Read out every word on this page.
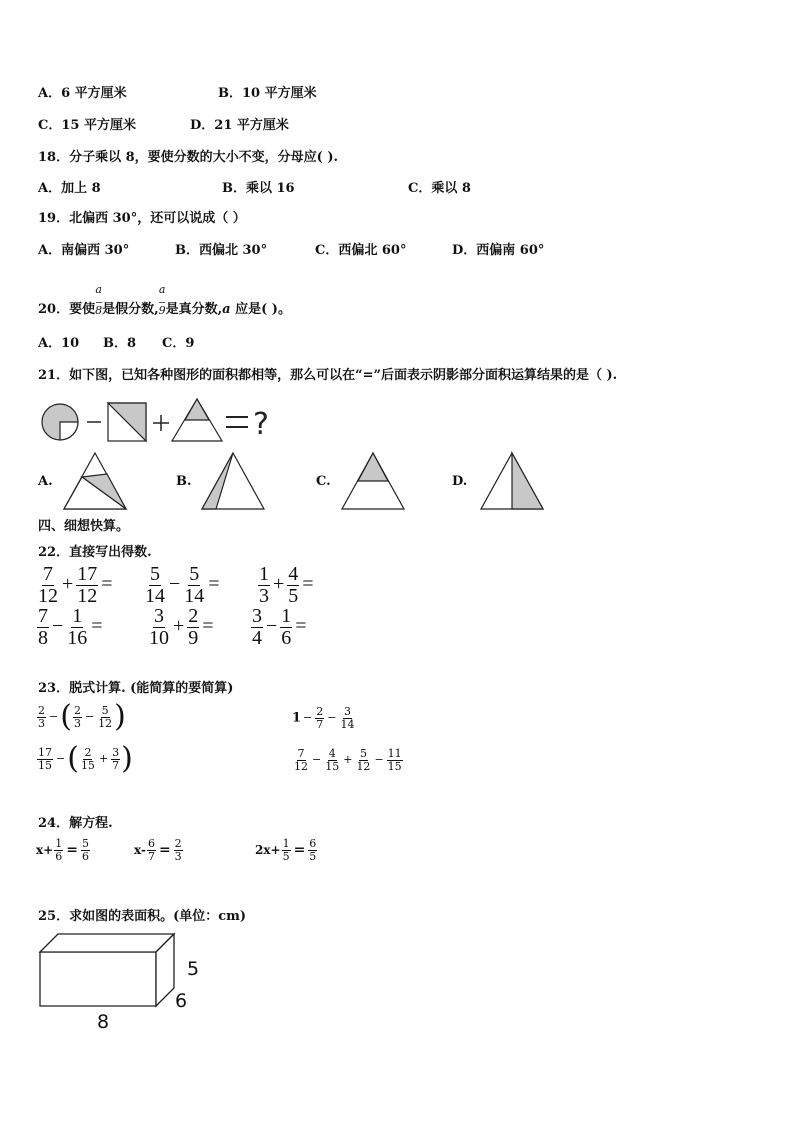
A．6 平方厘米	B．10 平方厘米
C．15 平方厘米	D．21 平方厘米
18．分子乘以 8，要使分数的大小不变，分母应( ).
A．加上 8	B．乘以 16	C．乘以 8
19．北偏西 30°，还可以说成（ ）
A．南偏西 30°	B．西偏北 30°	C．西偏北 60°	D．西偏南 60°
20．要使 $\frac{a}{8}$ 是假分数, $\frac{a}{9}$ 是真分数,a 应是( )。
A．10 B．8 C．9
21．如下图，已知各种图形的面积都相等，那么可以在“=”后面表示阴影部分面积运算结果的是（ ).
?
A.	B.	C.	D.
四、细想快算。
22．直接写出得数.
$\frac{7}{12} + \frac{17}{12} = \frac{5}{14} - \frac{5}{14} = \frac{1}{3} + \frac{4}{5}$ =
$\frac{7}{8} - \frac{1}{16} = \frac{3}{10} + \frac{2}{9} = \frac{3}{4} - \frac{1}{6}$ =
23．脱式计算. (能简算的要简算)
$\frac{2}{3}$ −( $\frac{2}{3} - \frac{5}{12}$ )	$1 - \frac{2}{7} - \frac{3}{14}$
$\frac{17}{15}$ −( $\frac{2}{15} + \frac{3}{7}$ )	$\frac{7}{12} - \frac{4}{15} + \frac{5}{12} - \frac{11}{15}$
24．解方程.
$x+ \frac{1}{6} = \frac{5}{6}$	$x- \frac{6}{7} = \frac{2}{3}$	$2x+ \frac{1}{5} = \frac{6}{5}$
25．求如图的表面积。(单位：cm)
5
6
8
